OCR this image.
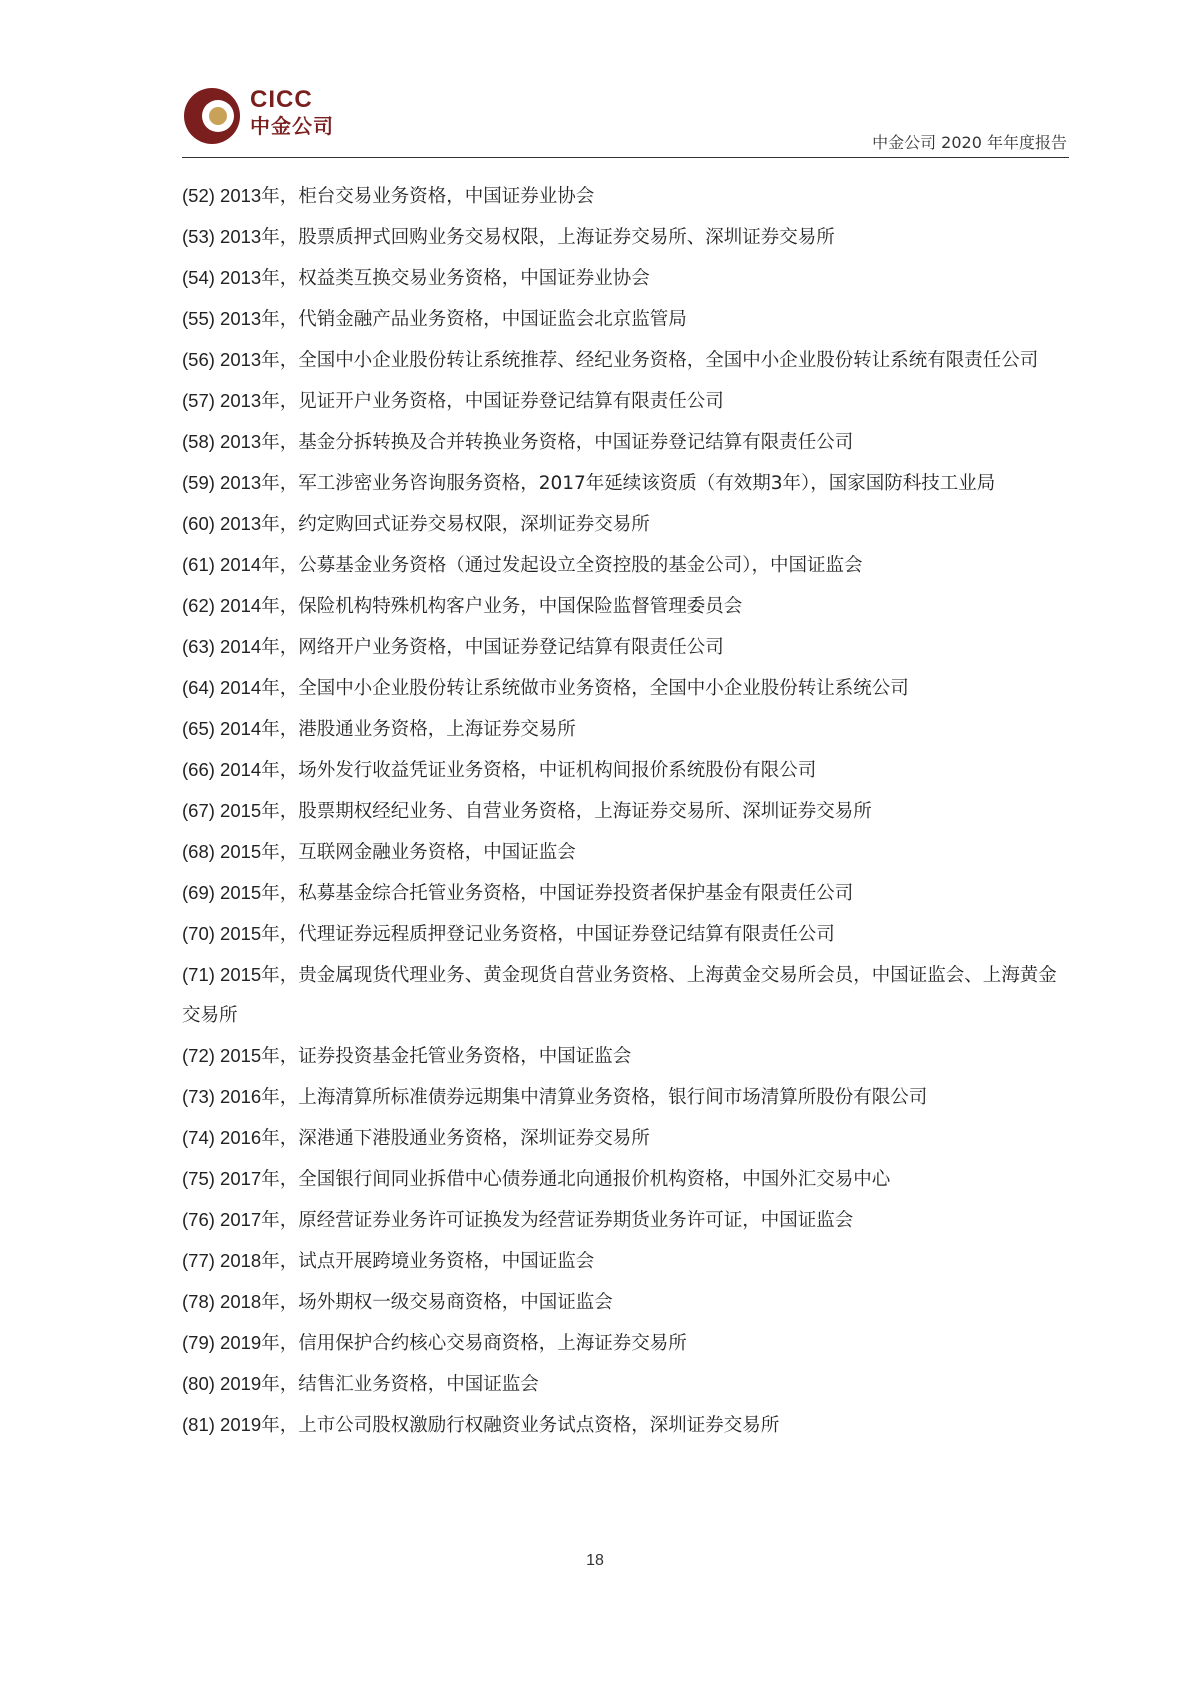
CICC
中金公司
中金公司 2020 年年度报告

(52) 2013年，柜台交易业务资格，中国证券业协会

(53) 2013年，股票质押式回购业务交易权限，上海证券交易所、深圳证券交易所

(54) 2013年，权益类互换交易业务资格，中国证券业协会

(55) 2013年，代销金融产品业务资格，中国证监会北京监管局

(56) 2013年，全国中小企业股份转让系统推荐、经纪业务资格，全国中小企业股份转让系统有限责任公司

(57) 2013年，见证开户业务资格，中国证券登记结算有限责任公司

(58) 2013年，基金分拆转换及合并转换业务资格，中国证券登记结算有限责任公司

(59) 2013年，军工涉密业务咨询服务资格，2017年延续该资质（有效期3年），国家国防科技工业局

(60) 2013年，约定购回式证券交易权限，深圳证券交易所

(61) 2014年，公募基金业务资格（通过发起设立全资控股的基金公司），中国证监会

(62) 2014年，保险机构特殊机构客户业务，中国保险监督管理委员会

(63) 2014年，网络开户业务资格，中国证券登记结算有限责任公司

(64) 2014年，全国中小企业股份转让系统做市业务资格，全国中小企业股份转让系统公司

(65) 2014年，港股通业务资格，上海证券交易所

(66) 2014年，场外发行收益凭证业务资格，中证机构间报价系统股份有限公司

(67) 2015年，股票期权经纪业务、自营业务资格，上海证券交易所、深圳证券交易所

(68) 2015年，互联网金融业务资格，中国证监会

(69) 2015年，私募基金综合托管业务资格，中国证券投资者保护基金有限责任公司

(70) 2015年，代理证券远程质押登记业务资格，中国证券登记结算有限责任公司

(71) 2015年，贵金属现货代理业务、黄金现货自营业务资格、上海黄金交易所会员，中国证监会、上海黄金交易所

(72) 2015年，证券投资基金托管业务资格，中国证监会

(73) 2016年，上海清算所标准债券远期集中清算业务资格，银行间市场清算所股份有限公司

(74) 2016年，深港通下港股通业务资格，深圳证券交易所

(75) 2017年，全国银行间同业拆借中心债券通北向通报价机构资格，中国外汇交易中心

(76) 2017年，原经营证券业务许可证换发为经营证券期货业务许可证，中国证监会

(77) 2018年，试点开展跨境业务资格，中国证监会

(78) 2018年，场外期权一级交易商资格，中国证监会

(79) 2019年，信用保护合约核心交易商资格，上海证券交易所

(80) 2019年，结售汇业务资格，中国证监会

(81) 2019年，上市公司股权激励行权融资业务试点资格，深圳证券交易所

18
